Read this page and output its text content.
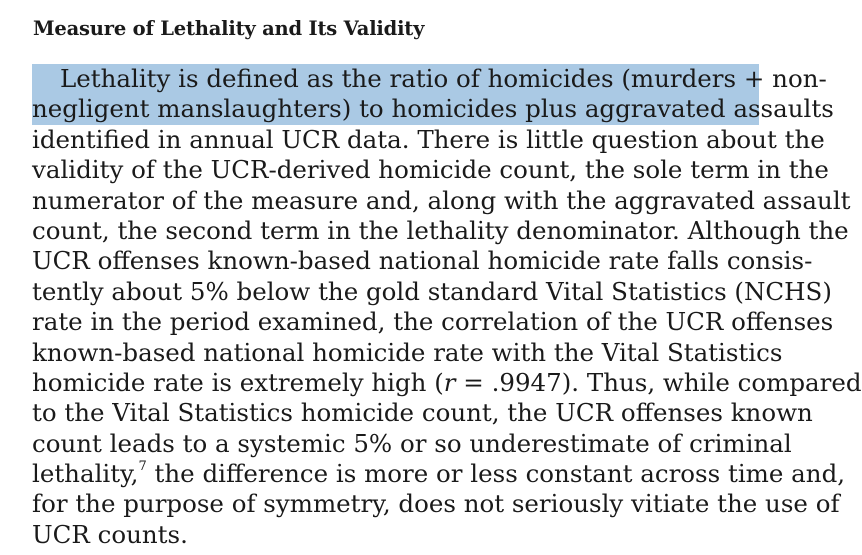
Measure of Lethality and Its Validity
Lethality is defined as the ratio of homicides (murders + non-
negligent manslaughters) to homicides plus aggravated assaults
identified in annual UCR data. There is little question about the
validity of the UCR-derived homicide count, the sole term in the
numerator of the measure and, along with the aggravated assault
count, the second term in the lethality denominator. Although the
UCR offenses known-based national homicide rate falls consis-
tently about 5% below the gold standard Vital Statistics (NCHS)
rate in the period examined, the correlation of the UCR offenses
known-based national homicide rate with the Vital Statistics
homicide rate is extremely high (r = .9947). Thus, while compared
to the Vital Statistics homicide count, the UCR offenses known
count leads to a systemic 5% or so underestimate of criminal
lethality,$^7$ the difference is more or less constant across time and,
for the purpose of symmetry, does not seriously vitiate the use of
UCR counts.
